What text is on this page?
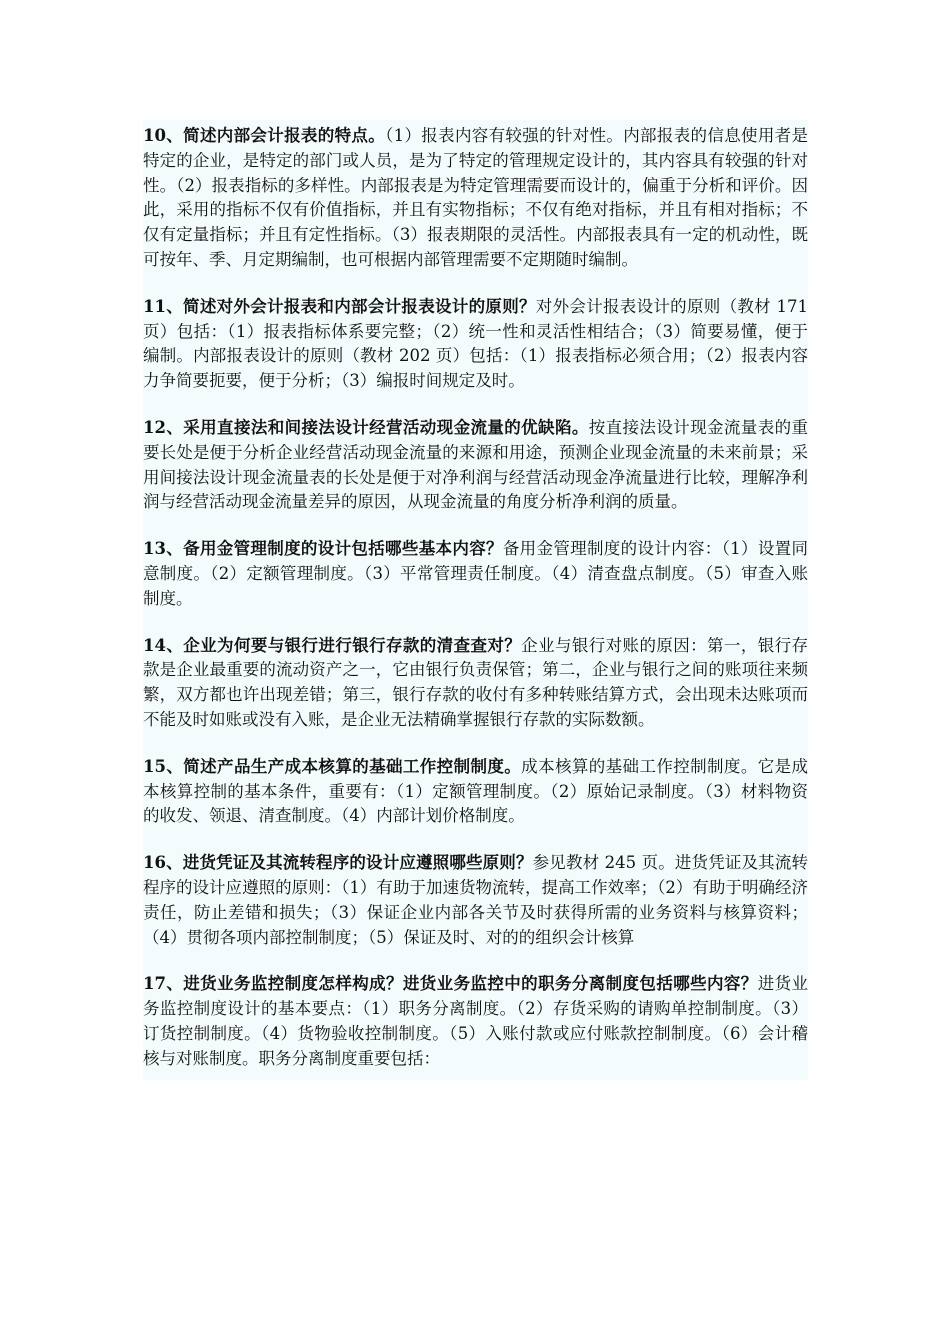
10、简述内部会计报表的特点。（1）报表内容有较强的针对性。内部报表的信息使用者是特定的企业，是特定的部门或人员，是为了特定的管理规定设计的，其内容具有较强的针对性。（2）报表指标的多样性。内部报表是为特定管理需要而设计的，偏重于分析和评价。因此，采用的指标不仅有价值指标，并且有实物指标；不仅有绝对指标，并且有相对指标；不仅有定量指标；并且有定性指标。（3）报表期限的灵活性。内部报表具有一定的机动性，既可按年、季、月定期编制，也可根据内部管理需要不定期随时编制。

11、简述对外会计报表和内部会计报表设计的原则？对外会计报表设计的原则（教材 171 页）包括：（1）报表指标体系要完整；（2）统一性和灵活性相结合；（3）简要易懂，便于编制。内部报表设计的原则（教材 202 页）包括：（1）报表指标必须合用；（2）报表内容力争简要扼要，便于分析；（3）编报时间规定及时。

12、采用直接法和间接法设计经营活动现金流量的优缺陷。按直接法设计现金流量表的重要长处是便于分析企业经营活动现金流量的来源和用途，预测企业现金流量的未来前景；采用间接法设计现金流量表的长处是便于对净利润与经营活动现金净流量进行比较，理解净利润与经营活动现金流量差异的原因，从现金流量的角度分析净利润的质量。

13、备用金管理制度的设计包括哪些基本内容？备用金管理制度的设计内容：（1）设置同意制度。（2）定额管理制度。（3）平常管理责任制度。（4）清查盘点制度。（5）审查入账制度。

14、企业为何要与银行进行银行存款的清查查对？企业与银行对账的原因：第一，银行存款是企业最重要的流动资产之一，它由银行负责保管；第二，企业与银行之间的账项往来频繁，双方都也许出现差错；第三，银行存款的收付有多种转账结算方式，会出现未达账项而不能及时如账或没有入账，是企业无法精确掌握银行存款的实际数额。

15、简述产品生产成本核算的基础工作控制制度。成本核算的基础工作控制制度。它是成本核算控制的基本条件，重要有：（1）定额管理制度。（2）原始记录制度。（3）材料物资的收发、领退、清查制度。（4）内部计划价格制度。

16、进货凭证及其流转程序的设计应遵照哪些原则？参见教材 245 页。进货凭证及其流转程序的设计应遵照的原则：（1）有助于加速货物流转，提高工作效率；（2）有助于明确经济责任，防止差错和损失；（3）保证企业内部各关节及时获得所需的业务资料与核算资料；（4）贯彻各项内部控制制度；（5）保证及时、对的的组织会计核算

17、进货业务监控制度怎样构成？进货业务监控中的职务分离制度包括哪些内容？进货业务监控制度设计的基本要点：（1）职务分离制度。（2）存货采购的请购单控制制度。（3）订货控制制度。（4）货物验收控制制度。（5）入账付款或应付账款控制制度。（6）会计稽核与对账制度。职务分离制度重要包括：
